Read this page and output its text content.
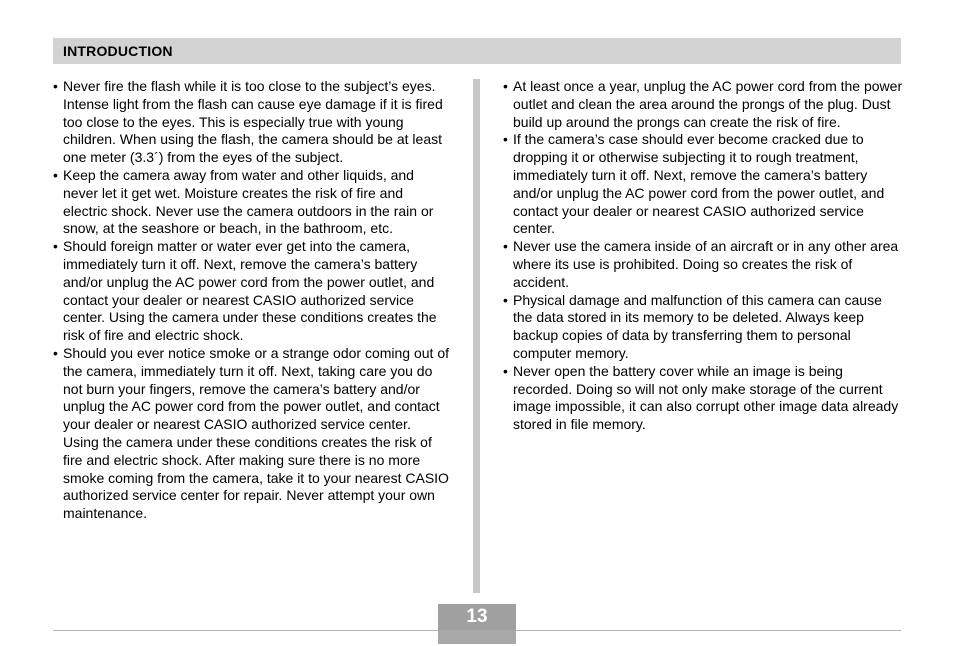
INTRODUCTION
• Never fire the flash while it is too close to the subject’s eyes. Intense light from the flash can cause eye damage if it is fired too close to the eyes. This is especially true with young children. When using the flash, the camera should be at least one meter (3.3´) from the eyes of the subject.
• Keep the camera away from water and other liquids, and never let it get wet. Moisture creates the risk of fire and electric shock. Never use the camera outdoors in the rain or snow, at the seashore or beach, in the bathroom, etc.
• Should foreign matter or water ever get into the camera, immediately turn it off. Next, remove the camera’s battery and/or unplug the AC power cord from the power outlet, and contact your dealer or nearest CASIO authorized service center. Using the camera under these conditions creates the risk of fire and electric shock.
• Should you ever notice smoke or a strange odor coming out of the camera, immediately turn it off. Next, taking care you do not burn your fingers, remove the camera’s battery and/or unplug the AC power cord from the power outlet, and contact your dealer or nearest CASIO authorized service center. Using the camera under these conditions creates the risk of fire and electric shock. After making sure there is no more smoke coming from the camera, take it to your nearest CASIO authorized service center for repair. Never attempt your own maintenance.
• At least once a year, unplug the AC power cord from the power outlet and clean the area around the prongs of the plug. Dust build up around the prongs can create the risk of fire.
• If the camera’s case should ever become cracked due to dropping it or otherwise subjecting it to rough treatment, immediately turn it off. Next, remove the camera’s battery and/or unplug the AC power cord from the power outlet, and contact your dealer or nearest CASIO authorized service center.
• Never use the camera inside of an aircraft or in any other area where its use is prohibited. Doing so creates the risk of accident.
• Physical damage and malfunction of this camera can cause the data stored in its memory to be deleted. Always keep backup copies of data by transferring them to personal computer memory.
• Never open the battery cover while an image is being recorded. Doing so will not only make storage of the current image impossible, it can also corrupt other image data already stored in file memory.
13
